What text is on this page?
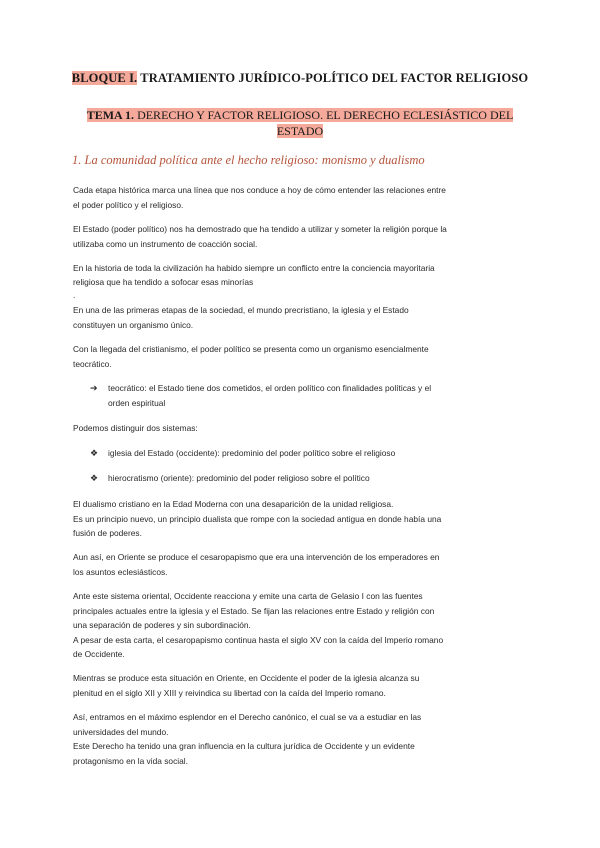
BLOQUE I. TRATAMIENTO JURÍDICO-POLÍTICO DEL FACTOR RELIGIOSO
TEMA 1. DERECHO Y FACTOR RELIGIOSO. EL DERECHO ECLESIÁSTICO DEL
ESTADO
1. La comunidad política ante el hecho religioso: monismo y dualismo
Cada etapa histórica marca una línea que nos conduce a hoy de cómo entender las relaciones entre
el poder político y el religioso.
El Estado (poder político) nos ha demostrado que ha tendido a utilizar y someter la religión porque la
utilizaba como un instrumento de coacción social.
En la historia de toda la civilización ha habido siempre un conflicto entre la conciencia mayoritaria
religiosa que ha tendido a sofocar esas minorías
.
En una de las primeras etapas de la sociedad, el mundo precristiano, la iglesia y el Estado
constituyen un organismo único.
Con la llegada del cristianismo, el poder político se presenta como un organismo esencialmente
teocrático.
➔	teocrático: el Estado tiene dos cometidos, el orden político con finalidades políticas y el
orden espiritual
Podemos distinguir dos sistemas:
❖	iglesia del Estado (occidente): predominio del poder político sobre el religioso
❖	hierocratismo (oriente): predominio del poder religioso sobre el político
El dualismo cristiano en la Edad Moderna con una desaparición de la unidad religiosa.
Es un principio nuevo, un principio dualista que rompe con la sociedad antigua en donde había una
fusión de poderes.
Aun así, en Oriente se produce el cesaropapismo que era una intervención de los emperadores en
los asuntos eclesiásticos.
Ante este sistema oriental, Occidente reacciona y emite una carta de Gelasio I con las fuentes
principales actuales entre la iglesia y el Estado. Se fijan las relaciones entre Estado y religión con
una separación de poderes y sin subordinación.
A pesar de esta carta, el cesaropapismo continua hasta el siglo XV con la caída del Imperio romano
de Occidente.
Mientras se produce esta situación en Oriente, en Occidente el poder de la iglesia alcanza su
plenitud en el siglo XII y XIII y reivindica su libertad con la caída del Imperio romano.
Así, entramos en el máximo esplendor en el Derecho canónico, el cual se va a estudiar en las
universidades del mundo.
Este Derecho ha tenido una gran influencia en la cultura jurídica de Occidente y un evidente
protagonismo en la vida social.
